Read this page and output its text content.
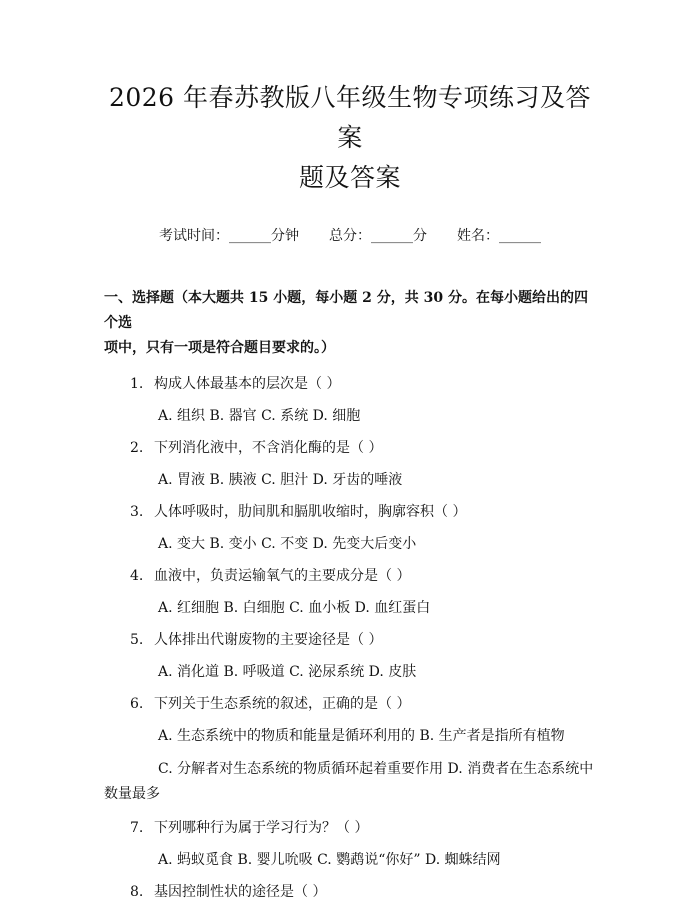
2026 年春苏教版八年级生物专项练习及答案
题及答案
考试时间：______分钟 总分：______分 姓名：______
一、选择题（本大题共 15 小题，每小题 2 分，共 30 分。在每小题给出的四个选
项中，只有一项是符合题目要求的。）
1. 构成人体最基本的层次是（ ）
A. 组织 B. 器官 C. 系统 D. 细胞
2. 下列消化液中，不含消化酶的是（ ）
A. 胃液 B. 胰液 C. 胆汁 D. 牙齿的唾液
3. 人体呼吸时，肋间肌和膈肌收缩时，胸廓容积（ ）
A. 变大 B. 变小 C. 不变 D. 先变大后变小
4. 血液中，负责运输氧气的主要成分是（ ）
A. 红细胞 B. 白细胞 C. 血小板 D. 血红蛋白
5. 人体排出代谢废物的主要途径是（ ）
A. 消化道 B. 呼吸道 C. 泌尿系统 D. 皮肤
6. 下列关于生态系统的叙述，正确的是（ ）
A. 生态系统中的物质和能量是循环利用的 B. 生产者是指所有植物
C. 分解者对生态系统的物质循环起着重要作用 D. 消费者在生态系统中
数量最多
7. 下列哪种行为属于学习行为？（ ）
A. 蚂蚁觅食 B. 婴儿吮吸 C. 鹦鹉说“你好” D. 蜘蛛结网
8. 基因控制性状的途径是（ ）
